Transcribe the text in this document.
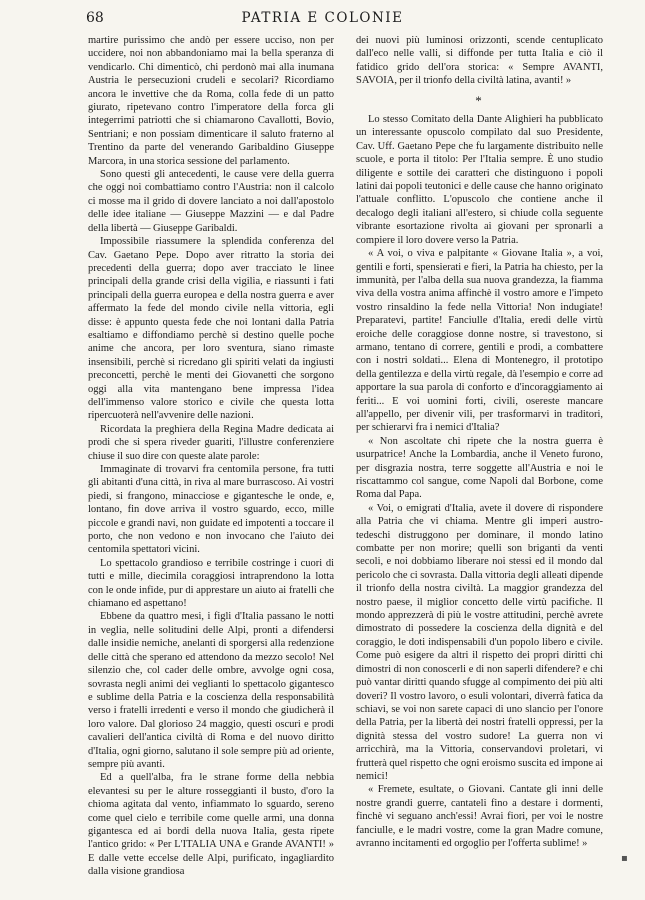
68	PATRIA E COLONIE

martire purissimo che andò per essere ucciso, non per uccidere, noi non abbandoniamo mai la bella speranza di vendicarlo. Chi dimenticò, chi perdonò mai alla inumana Austria le persecuzioni crudeli e secolari? Ricordiamo ancora le invettive che da Roma, colla fede di un patto giurato, ripetevano contro l'imperatore della forca gli integerrimi patriotti che si chiamarono Cavallotti, Bovio, Sentriani; e non possiam dimenticare il saluto fraterno al Trentino da parte del venerando Garibaldino Giuseppe Marcora, in una storica sessione del parlamento.

Sono questi gli antecedenti, le cause vere della guerra che oggi noi combattiamo contro l'Austria: non il calcolo ci mosse ma il grido di dovere lanciato a noi dall'apostolo delle idee italiane — Giuseppe Mazzini — e dal Padre della libertà — Giuseppe Garibaldi.

Impossibile riassumere la splendida conferenza del Cav. Gaetano Pepe. Dopo aver ritratto la storia dei precedenti della guerra; dopo aver tracciato le linee principali della grande crisi della vigilia, e riassunti i fati principali della guerra europea e della nostra guerra e aver affermato la fede del mondo civile nella vittoria, egli disse: è appunto questa fede che noi lontani dalla Patria esaltiamo e diffondiamo perchè si destino quelle poche anime che ancora, per loro sventura, siano rimaste insensibili, perchè si ricredano gli spiriti velati da ingiusti preconcetti, perchè le menti dei Giovanetti che sorgono oggi alla vita mantengano bene impressa l'idea dell'immenso valore storico e civile che questa lotta ripercuoterà nell'avvenire delle nazioni.

Ricordata la preghiera della Regina Madre dedicata ai prodi che si spera riveder guariti, l'illustre conferenziere chiuse il suo dire con queste alate parole:

Immaginate di trovarvi fra centomila persone, fra tutti gli abitanti d'una città, in riva al mare burrascoso. Ai vostri piedi, si frangono, minacciose e gigantesche le onde, e, lontano, fin dove arriva il vostro sguardo, ecco, mille piccole e grandi navi, non guidate ed impotenti a toccare il porto, che non vedono e non invocano che l'aiuto dei centomila spettatori vicini.

Lo spettacolo grandioso e terribile costringe i cuori di tutti e mille, diecimila coraggiosi intraprendono la lotta con le onde infide, pur di apprestare un aiuto ai fratelli che chiamano ed aspettano!

Ebbene da quattro mesi, i figli d'Italia passano le notti in veglia, nelle solitudini delle Alpi, pronti a difendersi dalle insidie nemiche, anelanti di sporgersi alla redenzione delle città che sperano ed attendono da mezzo secolo! Nel silenzio che, col cader delle ombre, avvolge ogni cosa, sovrasta negli animi dei veglianti lo spettacolo gigantesco e sublime della Patria e la coscienza della responsabilità verso i fratelli irredenti e verso il mondo che giudicherà il loro valore. Dal glorioso 24 maggio, questi oscuri e prodi cavalieri dell'antica civiltà di Roma e del nuovo diritto d'Italia, ogni giorno, salutano il sole sempre più ad oriente, sempre più avanti.

Ed a quell'alba, fra le strane forme della nebbia elevantesi su per le alture rosseggianti il busto, d'oro la chioma agitata dal vento, infiammato lo sguardo, sereno come quel cielo e terribile come quelle armi, una donna gigantesca ed ai bordi della nuova Italia, gesta ripete l'antico grido: « Per L'ITALIA UNA e Grande AVANTI! » E dalle vette eccelse delle Alpi, purificato, ingagliardito dalla visione grandiosa

dei nuovi più luminosi orizzonti, scende centuplicato dall'eco nelle valli, si diffonde per tutta Italia e ciò il fatidico grido dell'ora storica: « Sempre AVANTI, SAVOIA, per il trionfo della civiltà latina, avanti! »

*

Lo stesso Comitato della Dante Alighieri ha pubblicato un interessante opuscolo compilato dal suo Presidente, Cav. Uff. Gaetano Pepe che fu largamente distribuito nelle scuole, e porta il titolo: Per l'Italia sempre. È uno studio diligente e sottile dei caratteri che distinguono i popoli latini dai popoli teutonici e delle cause che hanno originato l'attuale conflitto. L'opuscolo che contiene anche il decalogo degli italiani all'estero, si chiude colla seguente vibrante esortazione rivolta ai giovani per spronarli a compiere il loro dovere verso la Patria.

« A voi, o viva e palpitante « Giovane Italia », a voi, gentili e forti, spensierati e fieri, la Patria ha chiesto, per la immunità, per l'alba della sua nuova grandezza, la fiamma viva della vostra anima affinchè il vostro amore e l'impeto vostro rinsaldino la fede nella Vittoria! Non indugiate! Preparatevi, partite! Fanciulle d'Italia, eredi delle virtù eroiche delle coraggiose donne nostre, si travestono, si armano, tentano di correre, gentili e prodi, a combattere con i nostri soldati... Elena di Montenegro, il prototipo della gentilezza e della virtù regale, dà l'esempio e corre ad apportare la sua parola di conforto e d'incoraggiamento ai feriti... E voi uomini forti, civili, osereste mancare all'appello, per divenir vili, per trasformarvi in traditori, per schierarvi fra i nemici d'Italia?

« Non ascoltate chi ripete che la nostra guerra è usurpatrice! Anche la Lombardia, anche il Veneto furono, per disgrazia nostra, terre soggette all'Austria e noi le riscattammo col sangue, come Napoli dal Borbone, come Roma dal Papa.

« Voi, o emigrati d'Italia, avete il dovere di rispondere alla Patria che vi chiama. Mentre gli imperi austro-tedeschi distruggono per dominare, il mondo latino combatte per non morire; quelli son briganti da venti secoli, e noi dobbiamo liberare noi stessi ed il mondo dal pericolo che ci sovrasta. Dalla vittoria degli alleati dipende il trionfo della nostra civiltà. La maggior grandezza del nostro paese, il miglior concetto delle virtù pacifiche. Il mondo apprezzerà di più le vostre attitudini, perchè avrete dimostrato di possedere la coscienza della dignità e del coraggio, le doti indispensabili d'un popolo libero e civile. Come può esigere da altri il rispetto dei propri diritti chi dimostri di non conoscerli e di non saperli difendere? e chi può vantar diritti quando sfugge al compimento dei più alti doveri? Il vostro lavoro, o esuli volontari, diverrà fatica da schiavi, se voi non sarete capaci di uno slancio per l'onore della Patria, per la libertà dei nostri fratelli oppressi, per la dignità stessa del vostro sudore! La guerra non vi arricchirà, ma la Vittoria, conservandovi proletari, vi frutterà quel rispetto che ogni eroismo suscita ed impone ai nemici!

« Fremete, esultate, o Giovani. Cantate gli inni delle nostre grandi guerre, cantateli fino a destare i dormenti, finchè vi seguano anch'essi! Avrai fiori, per voi le nostre fanciulle, e le madri vostre, come la gran Madre comune, avranno incitamenti ed orgoglio per l'offerta sublime! »

▪
